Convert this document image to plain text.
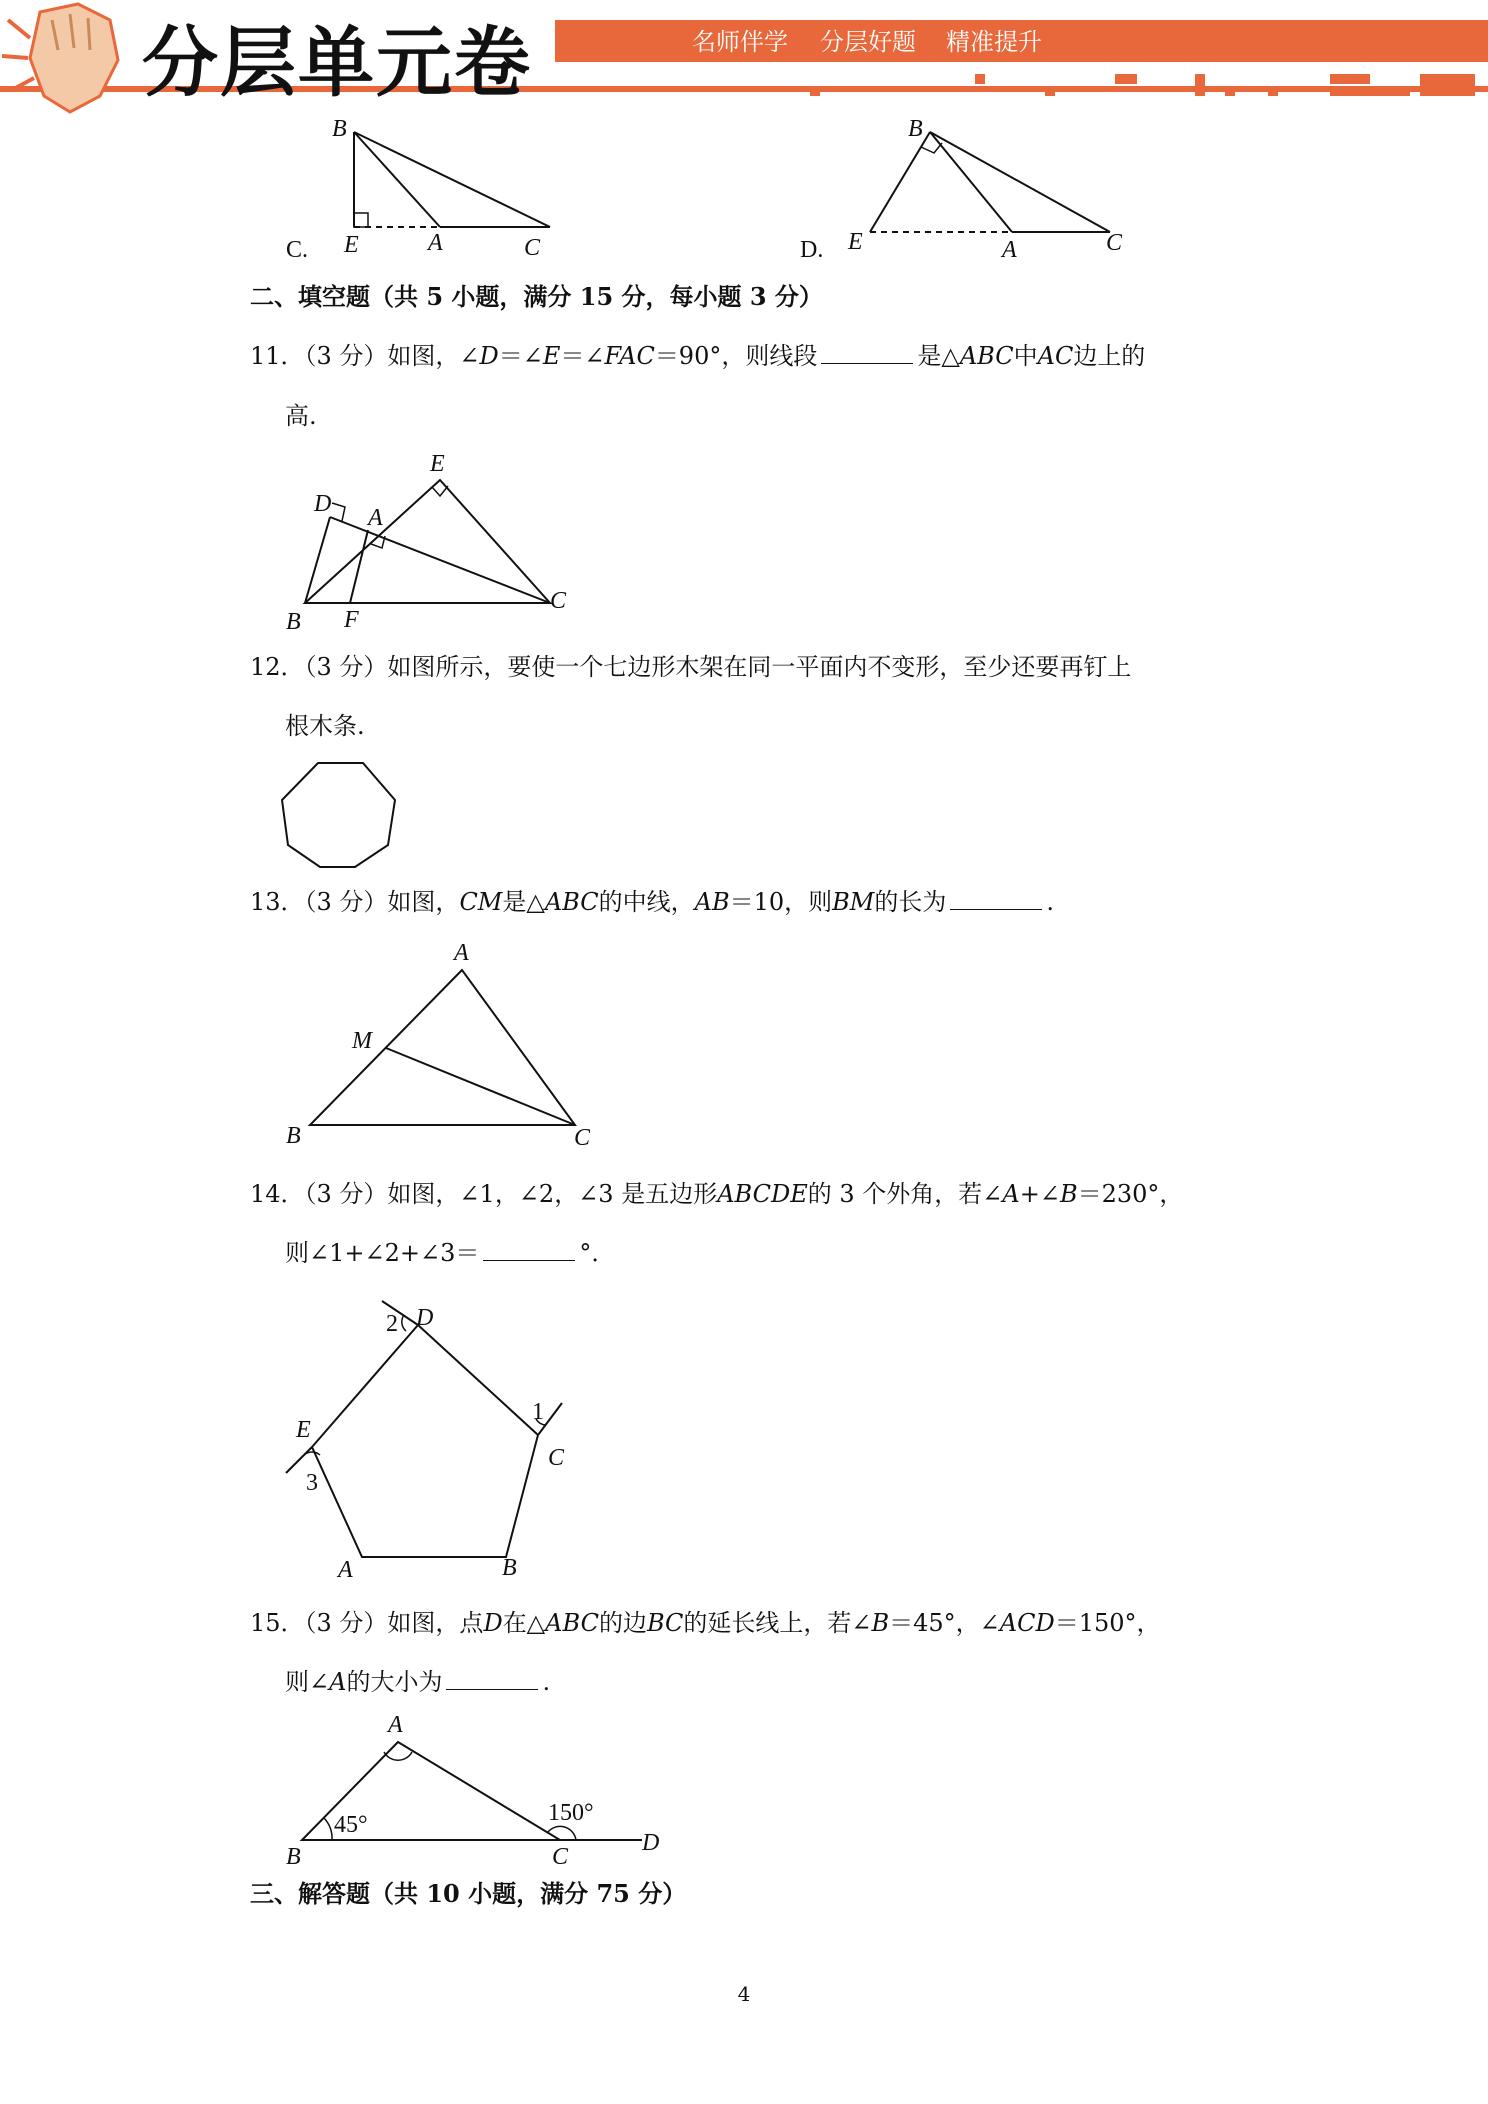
分层单元卷	名师伴学 分层好题 精准提升
C.
B
E	A	C	D.
B
E	A	C
二、填空题（共 5 小题，满分 15 分，每小题 3 分）
11．（3 分）如图，∠D＝∠E＝∠FAC＝90°，则线段	是△ABC中AC边上的
高.
E
D
A
B F
C
12．（3 分）如图所示，要使一个七边形木架在同一平面内不变形，至少还要再钉上
根木条.
13．（3 分）如图，CM是△ABC的中线，AB＝10，则BM的长为	.
A
M
B	C
14．（3 分）如图，∠1，∠2，∠3 是五边形ABCDE的 3 个外角，若∠A+∠B＝230°，
则∠1+∠2+∠3＝	°．
D
E
C
A	B
2
1
3
15．（3 分）如图，点D在△ABC的边BC的延长线上，若∠B＝45°，∠ACD＝150°，
则∠A的大小为	.
A
B	C
D
45°	150°
三、解答题（共 10 小题，满分 75 分）
4
